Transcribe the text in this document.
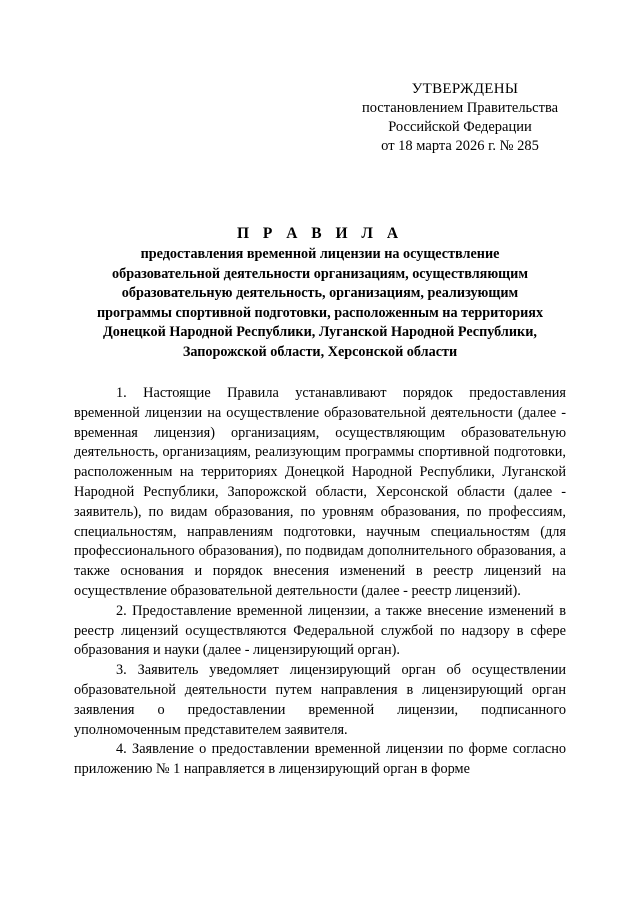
УТВЕРЖДЕНЫ
постановлением Правительства
Российской Федерации
от 18 марта 2026 г. № 285
П Р А В И Л А
предоставления временной лицензии на осуществление
образовательной деятельности организациям, осуществляющим
образовательную деятельность, организациям, реализующим
программы спортивной подготовки, расположенным на территориях
Донецкой Народной Республики, Луганской Народной Республики,
Запорожской области, Херсонской области

1. Настоящие Правила устанавливают порядок предоставления временной лицензии на осуществление образовательной деятельности (далее - временная лицензия) организациям, осуществляющим образовательную деятельность, организациям, реализующим программы спортивной подготовки, расположенным на территориях Донецкой Народной Республики, Луганской Народной Республики, Запорожской области, Херсонской области (далее - заявитель), по видам образования, по уровням образования, по профессиям, специальностям, направлениям подготовки, научным специальностям (для профессионального образования), по подвидам дополнительного образования, а также основания и порядок внесения изменений в реестр лицензий на осуществление образовательной деятельности (далее - реестр лицензий).

2. Предоставление временной лицензии, а также внесение изменений в реестр лицензий осуществляются Федеральной службой по надзору в сфере образования и науки (далее - лицензирующий орган).

3. Заявитель уведомляет лицензирующий орган об осуществлении образовательной деятельности путем направления в лицензирующий орган заявления о предоставлении временной лицензии, подписанного уполномоченным представителем заявителя.

4. Заявление о предоставлении временной лицензии по форме согласно приложению № 1 направляется в лицензирующий орган в форме
